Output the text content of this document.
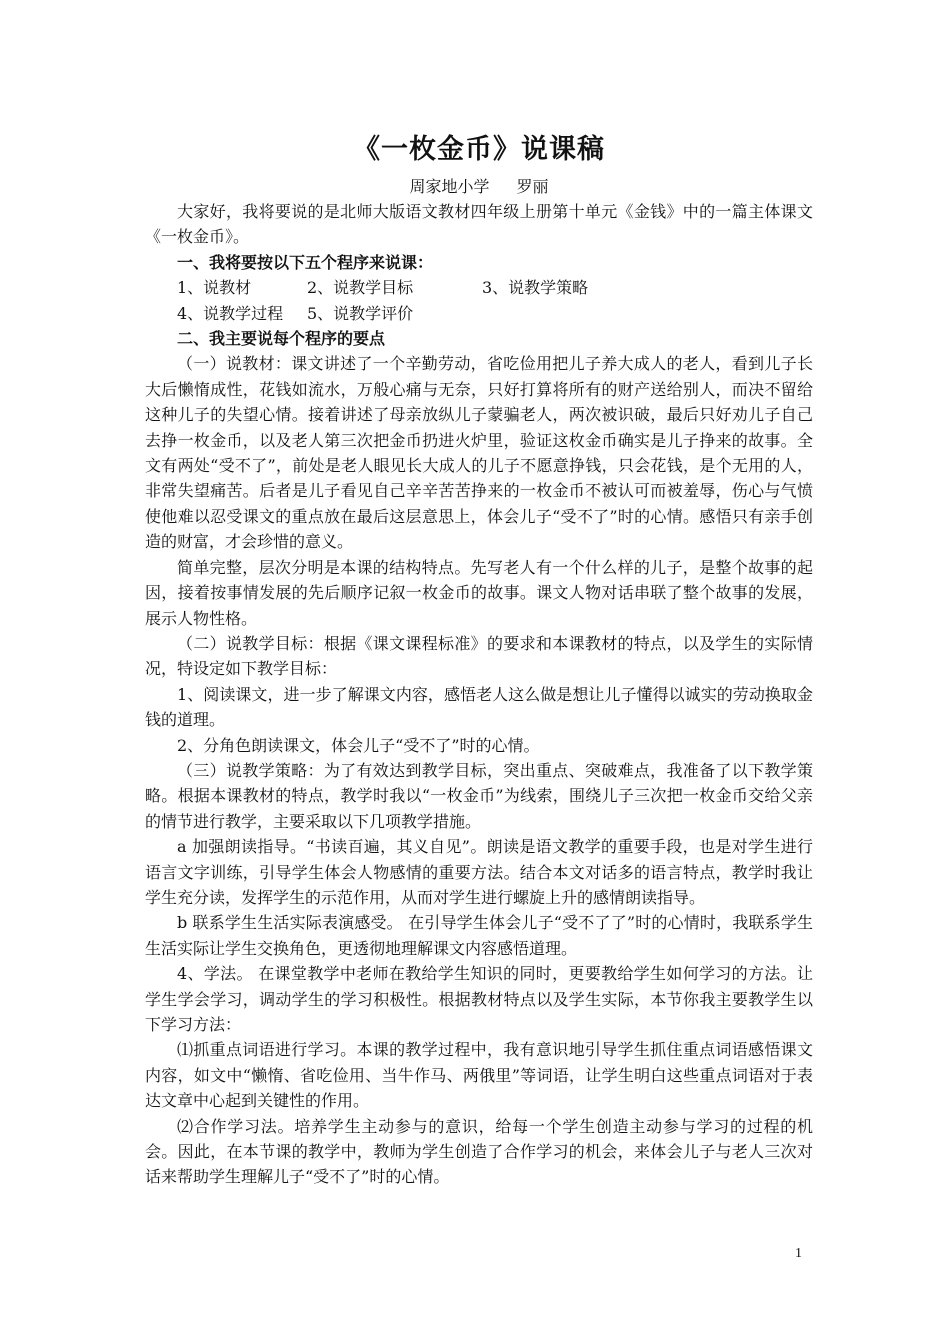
《一枚金币》说课稿

周家地小学 罗丽

大家好，我将要说的是北师大版语文教材四年级上册第十单元《金钱》中的一篇主体课文《一枚金币》。

一、我将要按以下五个程序来说课：

1、说教材	2、说教学目标	3、说教学策略
4、说教学过程 5、说教学评价

二、我主要说每个程序的要点

（一）说教材：课文讲述了一个辛勤劳动，省吃俭用把儿子养大成人的老人，看到儿子长大后懒惰成性，花钱如流水，万般心痛与无奈，只好打算将所有的财产送给别人，而决不留给这种儿子的失望心情。接着讲述了母亲放纵儿子蒙骗老人，两次被识破，最后只好劝儿子自己去挣一枚金币，以及老人第三次把金币扔进火炉里，验证这枚金币确实是儿子挣来的故事。全文有两处“受不了”，前处是老人眼见长大成人的儿子不愿意挣钱，只会花钱，是个无用的人，非常失望痛苦。后者是儿子看见自己辛辛苦苦挣来的一枚金币不被认可而被羞辱，伤心与气愤使他难以忍受课文的重点放在最后这层意思上，体会儿子“受不了”时的心情。感悟只有亲手创造的财富，才会珍惜的意义。

简单完整，层次分明是本课的结构特点。先写老人有一个什么样的儿子，是整个故事的起因，接着按事情发展的先后顺序记叙一枚金币的故事。课文人物对话串联了整个故事的发展，展示人物性格。

（二）说教学目标：根据《课文课程标准》的要求和本课教材的特点，以及学生的实际情况，特设定如下教学目标：

1、阅读课文，进一步了解课文内容，感悟老人这么做是想让儿子懂得以诚实的劳动换取金钱的道理。

2、分角色朗读课文，体会儿子“受不了”时的心情。

（三）说教学策略：为了有效达到教学目标，突出重点、突破难点，我准备了以下教学策略。根据本课教材的特点，教学时我以“一枚金币”为线索，围绕儿子三次把一枚金币交给父亲的情节进行教学，主要采取以下几项教学措施。

a 加强朗读指导。“书读百遍，其义自见”。朗读是语文教学的重要手段，也是对学生进行语言文字训练，引导学生体会人物感情的重要方法。结合本文对话多的语言特点，教学时我让学生充分读，发挥学生的示范作用，从而对学生进行螺旋上升的感情朗读指导。

b 联系学生生活实际表演感受。 在引导学生体会儿子“受不了了”时的心情时，我联系学生生活实际让学生交换角色，更透彻地理解课文内容感悟道理。

4、学法。 在课堂教学中老师在教给学生知识的同时，更要教给学生如何学习的方法。让学生学会学习，调动学生的学习积极性。根据教材特点以及学生实际，本节你我主要教学生以下学习方法：

⑴抓重点词语进行学习。本课的教学过程中，我有意识地引导学生抓住重点词语感悟课文内容，如文中“懒惰、省吃俭用、当牛作马、两俄里”等词语，让学生明白这些重点词语对于表达文章中心起到关键性的作用。

⑵合作学习法。培养学生主动参与的意识，给每一个学生创造主动参与学习的过程的机会。因此，在本节课的教学中，教师为学生创造了合作学习的机会，来体会儿子与老人三次对话来帮助学生理解儿子“受不了”时的心情。

1
